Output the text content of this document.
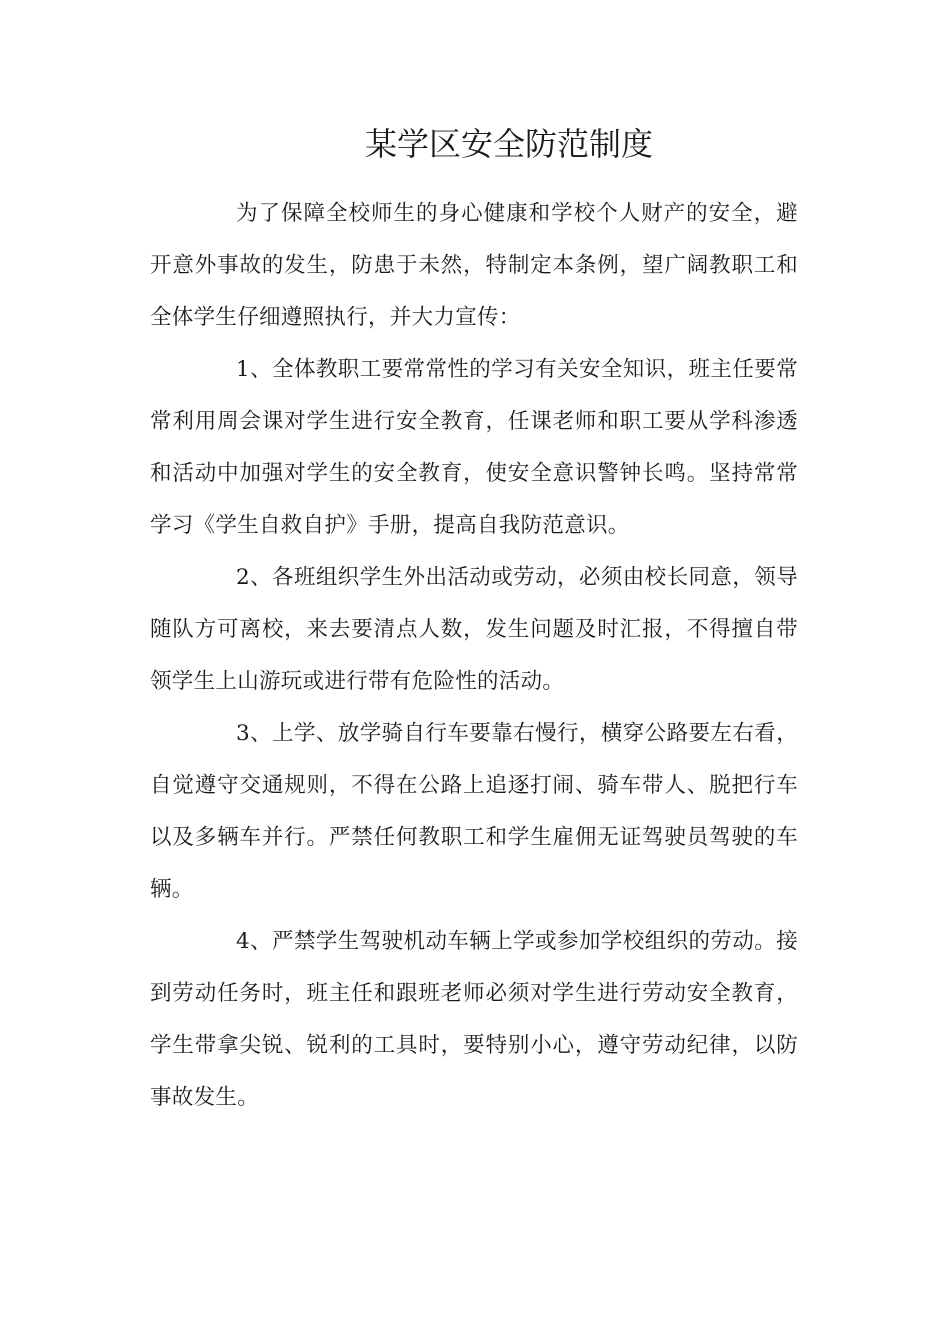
某学区安全防范制度

为了保障全校师生的身心健康和学校个人财产的安全，避开意外事故的发生，防患于未然，特制定本条例，望广阔教职工和全体学生仔细遵照执行，并大力宣传：

1、全体教职工要常常性的学习有关安全知识，班主任要常常利用周会课对学生进行安全教育，任课老师和职工要从学科渗透和活动中加强对学生的安全教育，使安全意识警钟长鸣。坚持常常学习《学生自救自护》手册，提高自我防范意识。

2、各班组织学生外出活动或劳动，必须由校长同意，领导随队方可离校，来去要清点人数，发生问题及时汇报，不得擅自带领学生上山游玩或进行带有危险性的活动。

3、上学、放学骑自行车要靠右慢行，横穿公路要左右看，自觉遵守交通规则，不得在公路上追逐打闹、骑车带人、脱把行车以及多辆车并行。严禁任何教职工和学生雇佣无证驾驶员驾驶的车辆。

4、严禁学生驾驶机动车辆上学或参加学校组织的劳动。接到劳动任务时，班主任和跟班老师必须对学生进行劳动安全教育，学生带拿尖锐、锐利的工具时，要特别小心，遵守劳动纪律，以防事故发生。
